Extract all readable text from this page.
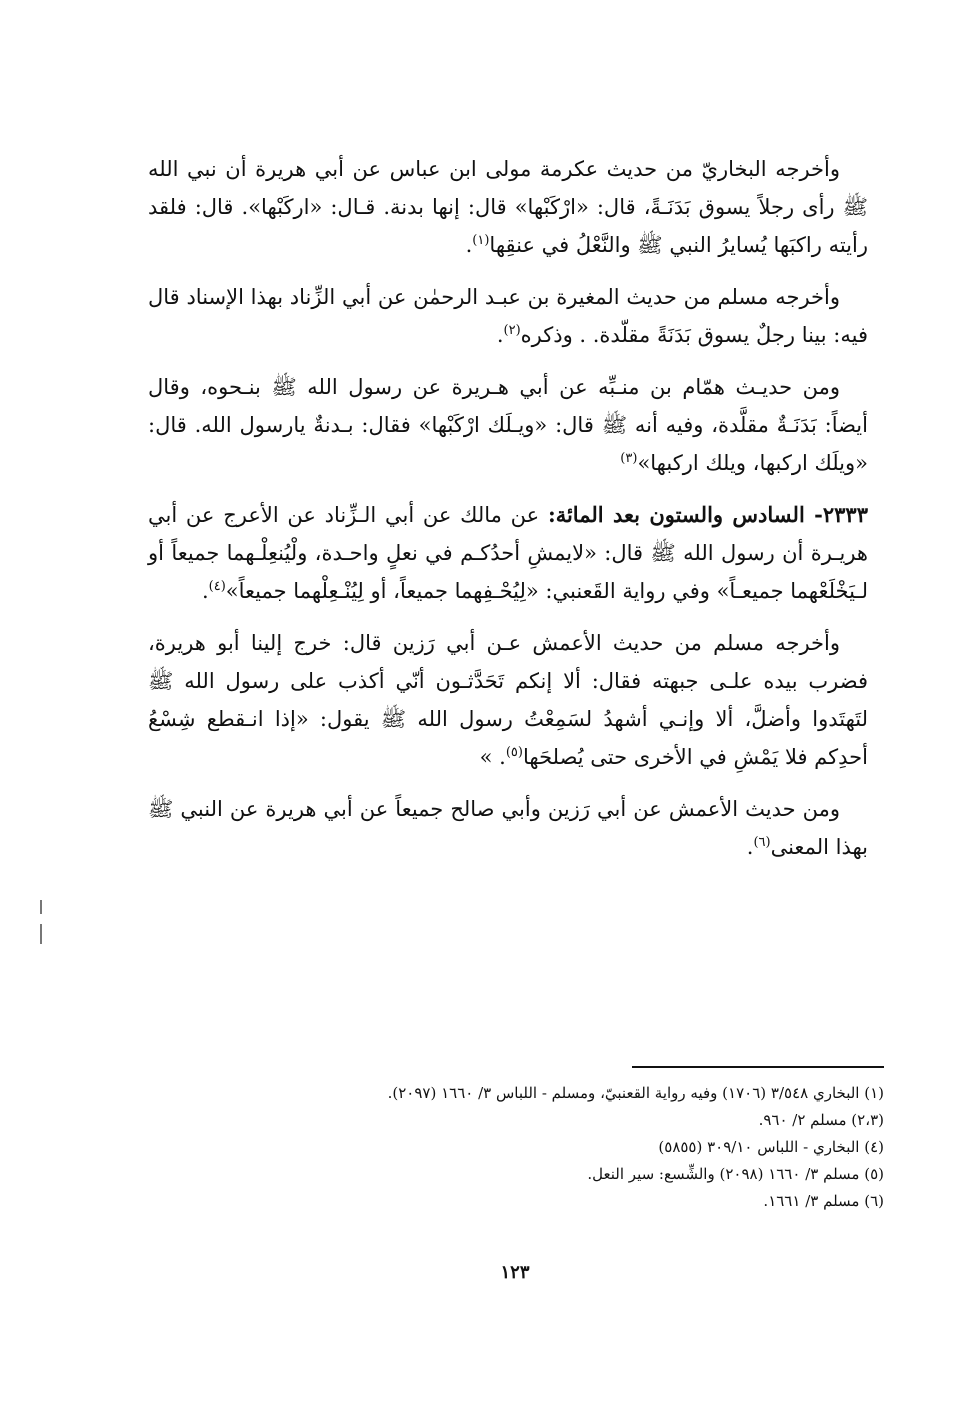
وأخرجه البخاريّ من حديث عكرمة مولى ابن عباس عن أبي هريرة أن نبي الله ﷺ رأى رجلاً يسوق بَدَنَـةً، قال: «ارْكَبْها» قال: إنها بدنة. قـال: «اركَبْها». قال: فلقد رأيته راكبَها يُسايرُ النبي ﷺ والنَّعْلُ في عنقِها$^{(١)}$.

وأخرجه مسلم من حديث المغيرة بن عبـد الرحمٰن عن أبي الزِّناد بهذا الإسناد قال فيه: بينا رجلٌ يسوق بَدَنَةً مقلّدة. . وذكره$^{(٢)}$.

ومن حديـث همّام بن منـبِّه عن أبي هـريرة عن رسول الله ﷺ بنـحوه، وقال أيضاً: بَدَنَـةٌ مقلَّدة، وفيه أنه ﷺ قال: «ويـلَك ارْكَبْها» فقال: بـدنةٌ يارسول الله. قال: «ويلَك اركبها، ويلك اركبها»$^{(٣)}$

٢٣٣٣- السادس والستون بعد المائة: عن مالك عن أبي الـزِّناد عن الأعرج عن أبي هريـرة أن رسول الله ﷺ قال: «لايمشِ أحدُكـم في نعلٍ واحـدة، ولْيُنعِلْـهما جميعاً أو لـيَخْلَعْهما جميعـاً» وفي رواية القَعنبي: «لِيُحْـفِهما جميعاً، أو لِيُنْـعِلْهما جميعاً»$^{(٤)}$.

وأخرجه مسلم من حديث الأعمش عـن أبي رَزين قال: خرج إلينا أبو هريرة، فضرب بيده علـى جبهته فقال: ألا إنكم تَحَدَّثـون أنّي أكذب على رسول الله ﷺ لتَهتَدوا وأضلَّ، ألا وإنـي أشهدُ لسَمِعْتُ رسول الله ﷺ يقول: «إذا انـقطع شِسْعُ أحدِكم فلا يَمْشِ في الأخرى حتى يُصلحَها$^{(٥)}$. »

ومن حديث الأعمش عن أبي رَزين وأبي صالح جميعاً عن أبي هريرة عن النبي ﷺ بهذا المعنى$^{(٦)}$.

(١) البخاري ٣/٥٤٨ (١٧٠٦) وفيه رواية القعنبيّ، ومسلم - اللباس ٣/ ١٦٦٠ (٢٠٩٧).

(٢،٣) مسلم ٢/ ٩٦٠.

(٤) البخاري - اللباس ٣٠٩/١٠ (٥٨٥٥)

(٥) مسلم ٣/ ١٦٦٠ (٢٠٩٨) والشِّسع: سير النعل.

(٦) مسلم ٣/ ١٦٦١.

١٢٣
